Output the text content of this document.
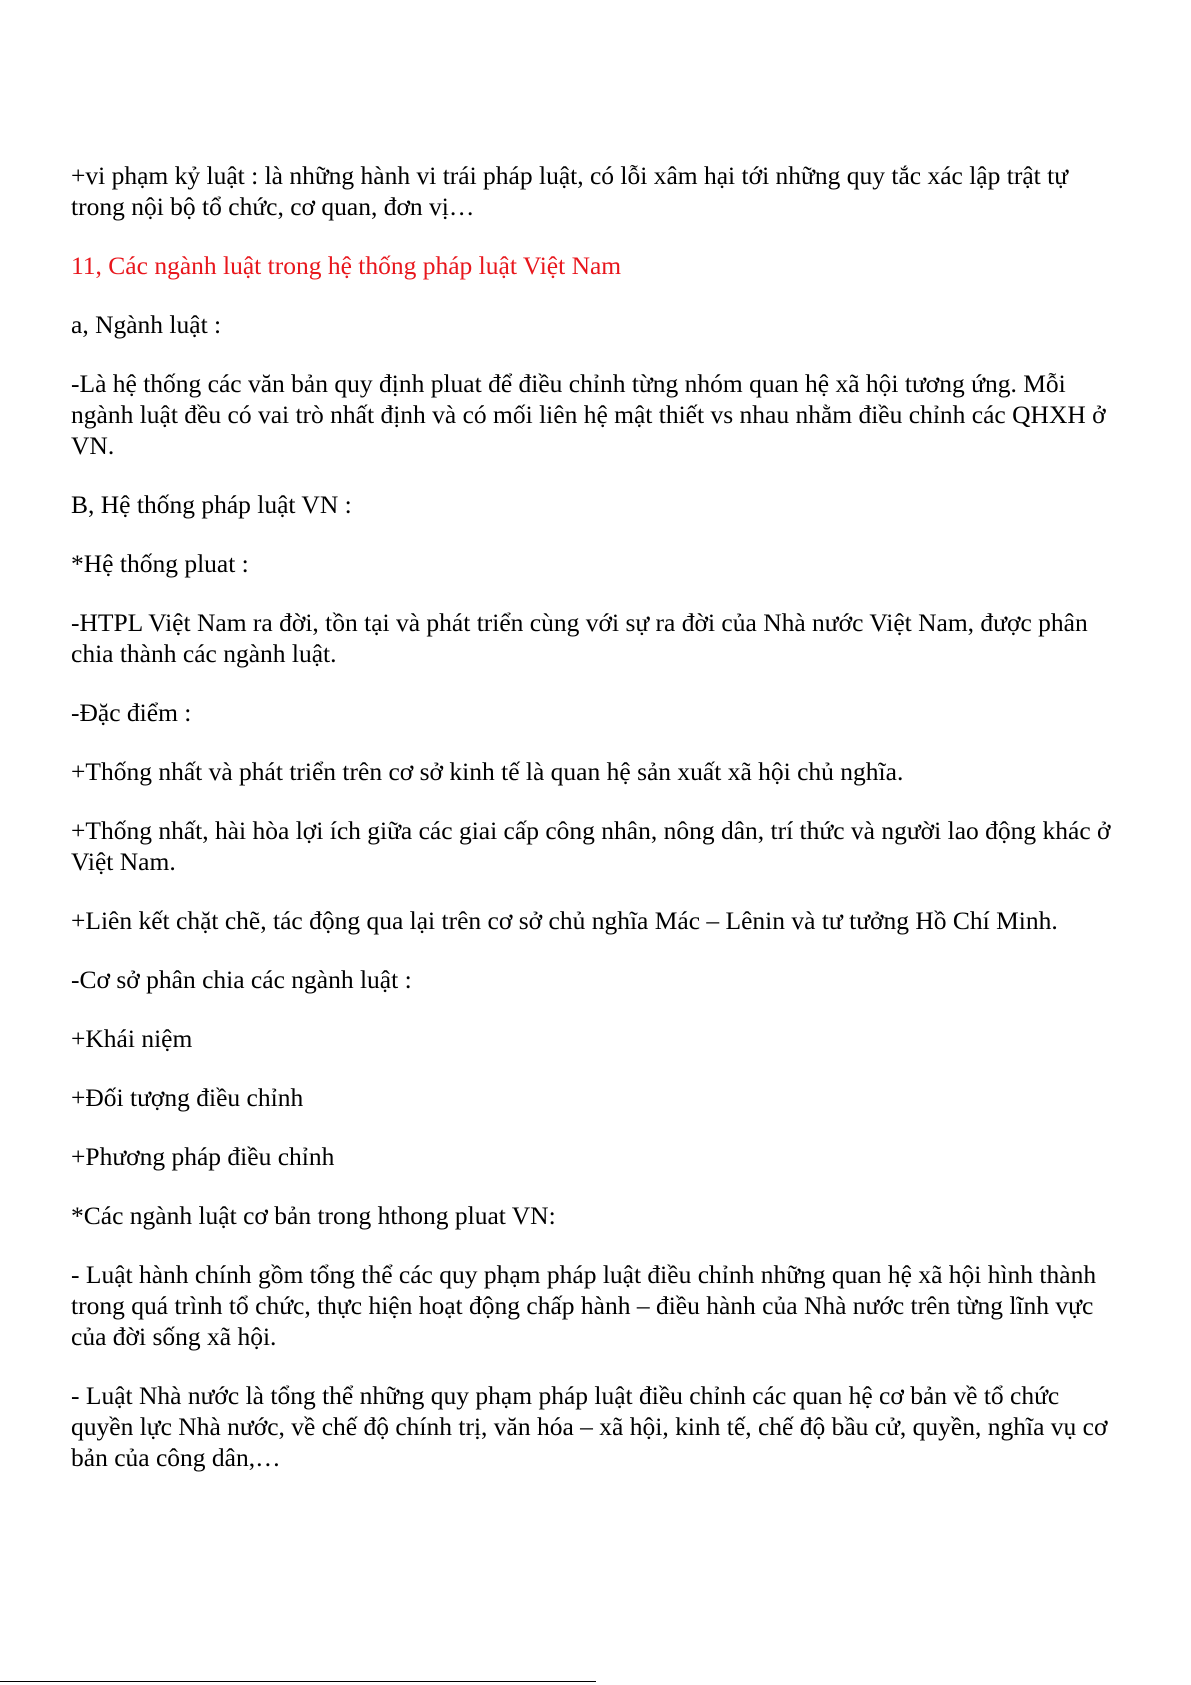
+vi phạm kỷ luật : là những hành vi trái pháp luật, có lỗi xâm hại tới những quy tắc xác lập trật tự trong nội bộ tổ chức, cơ quan, đơn vị…

11, Các ngành luật trong hệ thống pháp luật Việt Nam

a, Ngành luật :

-Là hệ thống các văn bản quy định pluat để điều chỉnh từng nhóm quan hệ xã hội tương ứng. Mỗi ngành luật đều có vai trò nhất định và có mối liên hệ mật thiết vs nhau nhằm điều chỉnh các QHXH ở VN.

B, Hệ thống pháp luật VN :

*Hệ thống pluat :

-HTPL Việt Nam ra đời, tồn tại và phát triển cùng với sự ra đời của Nhà nước Việt Nam, được phân chia thành các ngành luật.

-Đặc điểm :

+Thống nhất và phát triển trên cơ sở kinh tế là quan hệ sản xuất xã hội chủ nghĩa.

+Thống nhất, hài hòa lợi ích giữa các giai cấp công nhân, nông dân, trí thức và người lao động khác ở Việt Nam.

+Liên kết chặt chẽ, tác động qua lại trên cơ sở chủ nghĩa Mác – Lênin và tư tưởng Hồ Chí Minh.

-Cơ sở phân chia các ngành luật :

+Khái niệm

+Đối tượng điều chỉnh

+Phương pháp điều chỉnh

*Các ngành luật cơ bản trong hthong pluat VN:

- Luật hành chính gồm tổng thể các quy phạm pháp luật điều chỉnh những quan hệ xã hội hình thành trong quá trình tổ chức, thực hiện hoạt động chấp hành – điều hành của Nhà nước trên từng lĩnh vực của đời sống xã hội.

- Luật Nhà nước là tổng thể những quy phạm pháp luật điều chỉnh các quan hệ cơ bản về tổ chức quyền lực Nhà nước, về chế độ chính trị, văn hóa – xã hội, kinh tế, chế độ bầu cử, quyền, nghĩa vụ cơ bản của công dân,…
